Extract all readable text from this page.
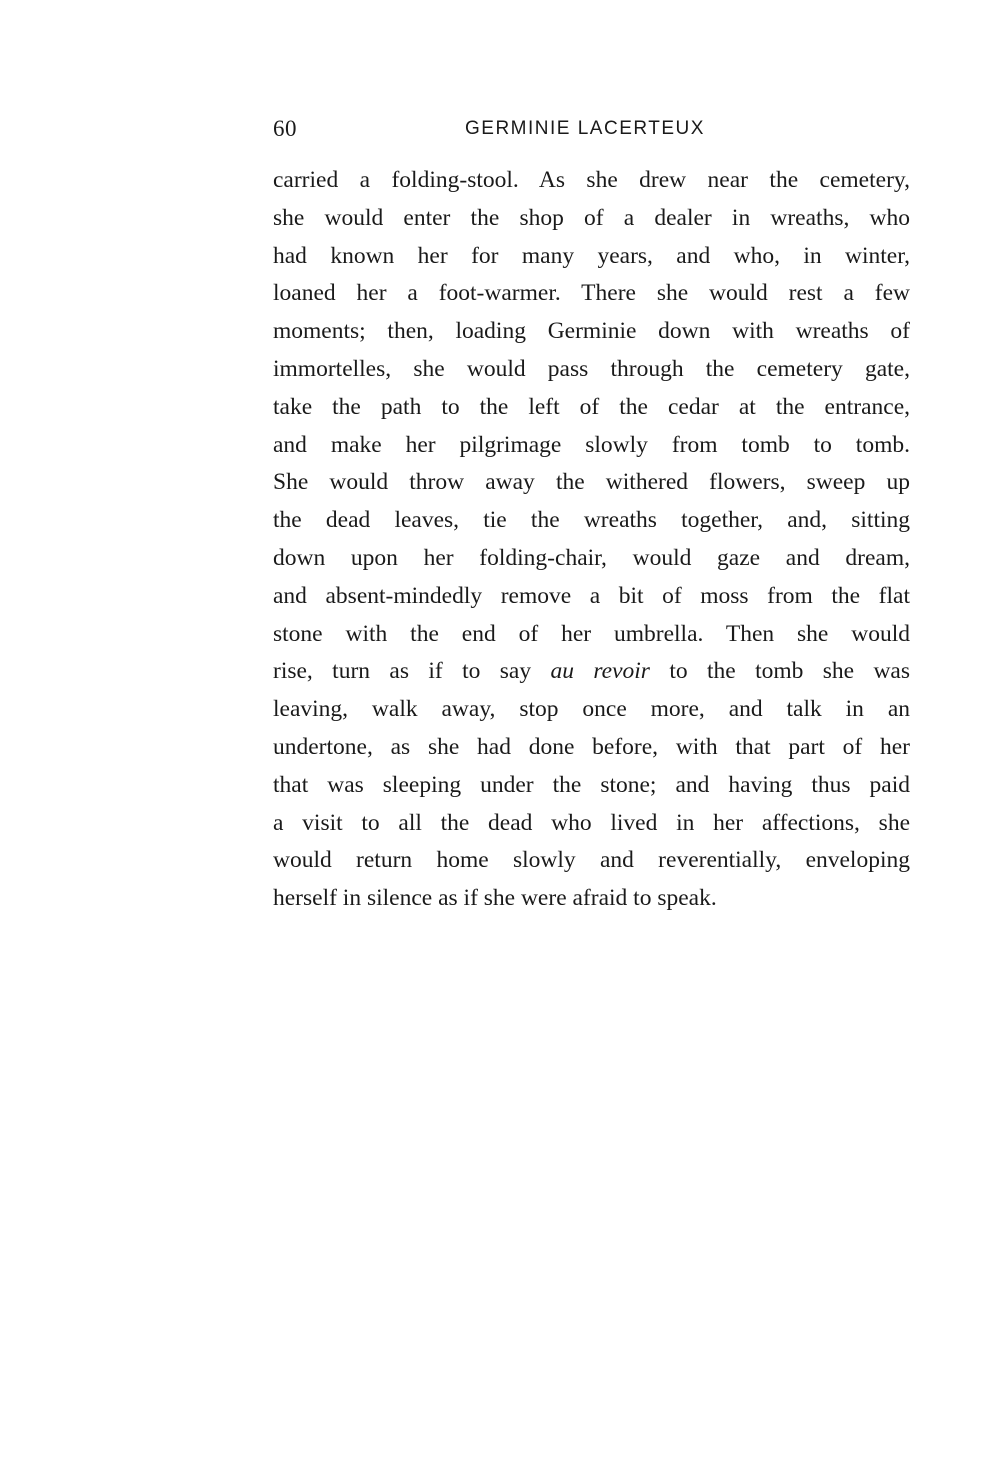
60	GERMINIE LACERTEUX
carried a folding-stool. As she drew near the cemetery,
she would enter the shop of a dealer in wreaths, who
had known her for many years, and who, in winter,
loaned her a foot-warmer. There she would rest a few
moments; then, loading Germinie down with wreaths of
immortelles, she would pass through the cemetery gate,
take the path to the left of the cedar at the entrance,
and make her pilgrimage slowly from tomb to tomb.
She would throw away the withered flowers, sweep up
the dead leaves, tie the wreaths together, and, sitting
down upon her folding-chair, would gaze and dream,
and absent-mindedly remove a bit of moss from the flat
stone with the end of her umbrella. Then she would
rise, turn as if to say au revoir to the tomb she was
leaving, walk away, stop once more, and talk in an
undertone, as she had done before, with that part of her
that was sleeping under the stone; and having thus paid
a visit to all the dead who lived in her affections, she
would return home slowly and reverentially, enveloping
herself in silence as if she were afraid to speak.
